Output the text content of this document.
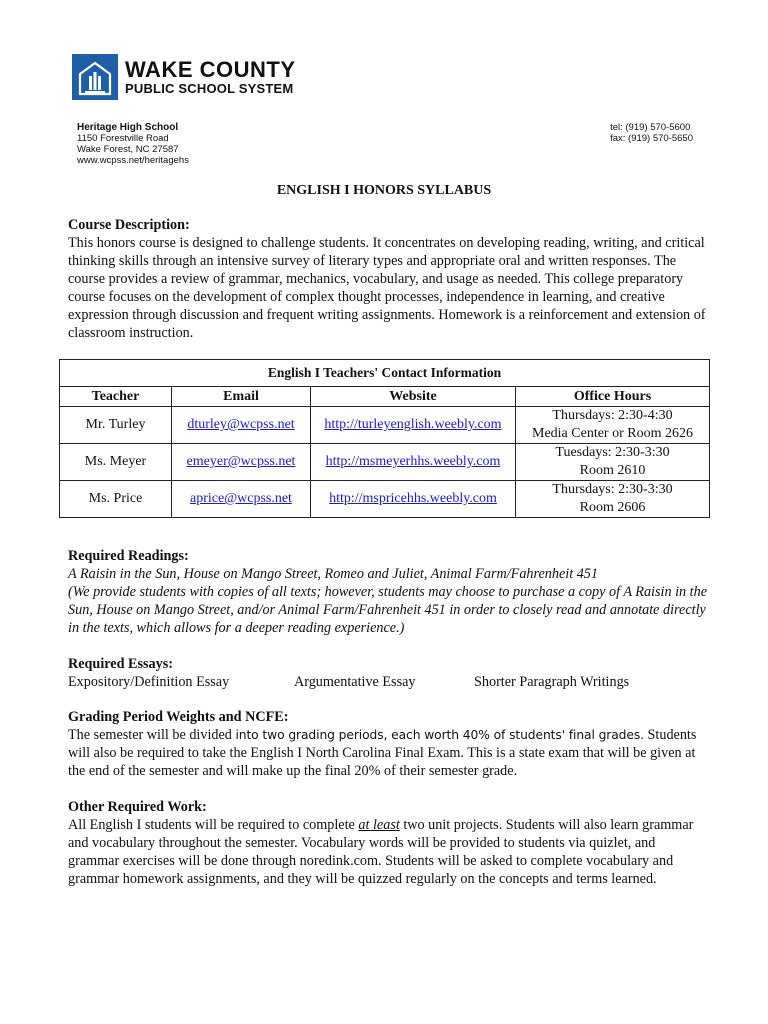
WAKE COUNTY
PUBLIC SCHOOL SYSTEM
Heritage High School
1150 Forestville Road
Wake Forest, NC 27587
www.wcpss.net/heritagehs
tel: (919) 570-5600
fax: (919) 570-5650
ENGLISH I HONORS SYLLABUS
Course Description:
This honors course is designed to challenge students. It concentrates on developing reading, writing, and critical thinking skills through an intensive survey of literary types and appropriate oral and written responses. The course provides a review of grammar, mechanics, vocabulary, and usage as needed. This college preparatory course focuses on the development of complex thought processes, independence in learning, and creative expression through discussion and frequent writing assignments. Homework is a reinforcement and extension of classroom instruction.
English I Teachers' Contact Information			
Teacher	Email	Website	Office Hours
Mr. Turley	dturley@wcpss.net	http://turleyenglish.weebly.com	Thursdays: 2:30-4:30
Media Center or Room 2626

Ms. Meyer	emeyer@wcpss.net	http://msmeyerhhs.weebly.com	Tuesdays: 2:30-3:30
Room 2610

Ms. Price	aprice@wcpss.net	http://mspricehhs.weebly.com	Thursdays: 2:30-3:30
Room 2606
Required Readings:
A Raisin in the Sun, House on Mango Street, Romeo and Juliet, Animal Farm/Fahrenheit 451
(We provide students with copies of all texts; however, students may choose to purchase a copy of A Raisin in the Sun, House on Mango Street, and/or Animal Farm/Fahrenheit 451 in order to closely read and annotate directly in the texts, which allows for a deeper reading experience.)
Required Essays:
Expository/Definition Essay	Argumentative Essay	Shorter Paragraph Writings
Grading Period Weights and NCFE:
The semester will be divided into two grading periods, each worth 40% of students' final grades. Students will also be required to take the English I North Carolina Final Exam. This is a state exam that will be given at the end of the semester and will make up the final 20% of their semester grade.
Other Required Work:
All English I students will be required to complete at least two unit projects. Students will also learn grammar and vocabulary throughout the semester. Vocabulary words will be provided to students via quizlet, and grammar exercises will be done through noredink.com. Students will be asked to complete vocabulary and grammar homework assignments, and they will be quizzed regularly on the concepts and terms learned.
